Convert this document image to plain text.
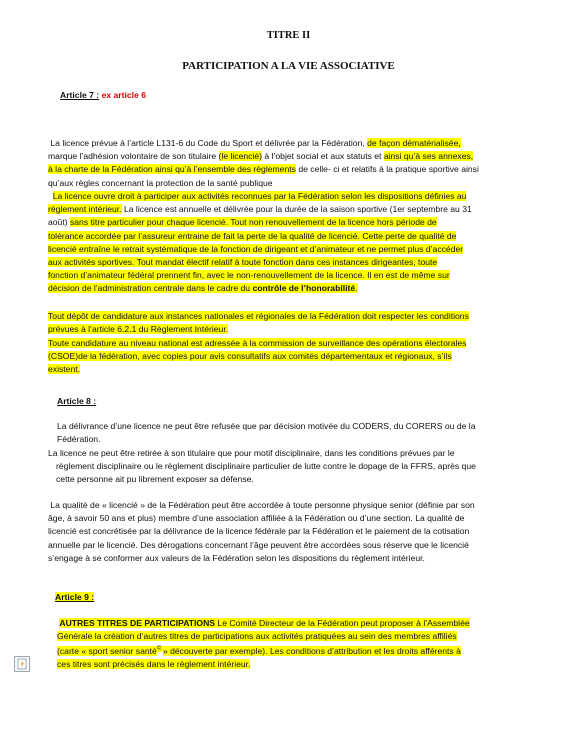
TITRE II
PARTICIPATION A LA VIE ASSOCIATIVE
Article 7 : ex article 6
La licence prévue à l’article L131-6 du Code du Sport et délivrée par la Fédération, de façon dématérialisée,
marque l’adhésion volontaire de son titulaire (le licencié) à l’objet social et aux statuts et ainsi qu’à ses annexes,
à la charte de la Fédération ainsi qu’à l’ensemble des règlements de celle- ci et relatifs à la pratique sportive ainsi
qu’aux règles concernant la protection de la santé publique
La licence ouvre droit à participer aux activités reconnues par la Fédération selon les dispositions définies au
règlement intérieur. La licence est annuelle et délivrée pour la durée de la saison sportive (1er septembre au 31
août) sans titre particulier pour chaque licencié. Tout non renouvellement de la licence hors période de
tolérance accordée par l’assureur entraine de fait la perte de la qualité de licencié. Cette perte de qualité de
licencié entraîne le retrait systématique de la fonction de dirigeant et d’animateur et ne permet plus d’accéder
aux activités sportives. Tout mandat électif relatif à toute fonction dans ces instances dirigeantes, toute
fonction d’animateur fédéral prennent fin, avec le non-renouvellement de la licence. Il en est de même sur
décision de l’administration centrale dans le cadre du contrôle de l’honorabilité.
Tout dépôt de candidature aux instances nationales et régionales de la Fédération doit respecter les conditions
prévues à l’article 6.2.1 du Règlement Intérieur.
Toute candidature au niveau national est adressée à la commission de surveillance des opérations électorales
(CSOE)de la fédération, avec copies pour avis consultatifs aux comités départementaux et régionaux, s’ils
existent.
Article 8 :
La délivrance d’une licence ne peut être refusée que par décision motivée du CODERS, du CORERS ou de la
Fédération.
La licence ne peut être retirée à son titulaire que pour motif disciplinaire, dans les conditions prévues par le
règlement disciplinaire ou le règlement disciplinaire particulier de lutte contre le dopage de la FFRS, après que
cette personne ait pu librement exposer sa défense.
La qualité de « licencié » de la Fédération peut être accordée à toute personne physique senior (définie par son
âge, à savoir 50 ans et plus) membre d’une association affiliée à la Fédération ou d’une section. La qualité de
licencié est concrétisée par la délivrance de la licence fédérale par la Fédération et le paiement de la cotisation
annuelle par le licencié. Des dérogations concernant l’âge peuvent être accordées sous réserve que le licencié
s’engage à se conformer aux valeurs de la Fédération selon les dispositions du règlement intérieur.
Article 9 :
AUTRES TITRES DE PARTICIPATIONS Le Comité Directeur de la Fédération peut proposer à l’Assemblée
Générale la création d’autres titres de participations aux activités pratiquées au sein des membres affiliés
(carte « sport senior santé© » découverte par exemple). Les conditions d’attribution et les droits afférents à
ces titres sont précisés dans le règlement intérieur.
